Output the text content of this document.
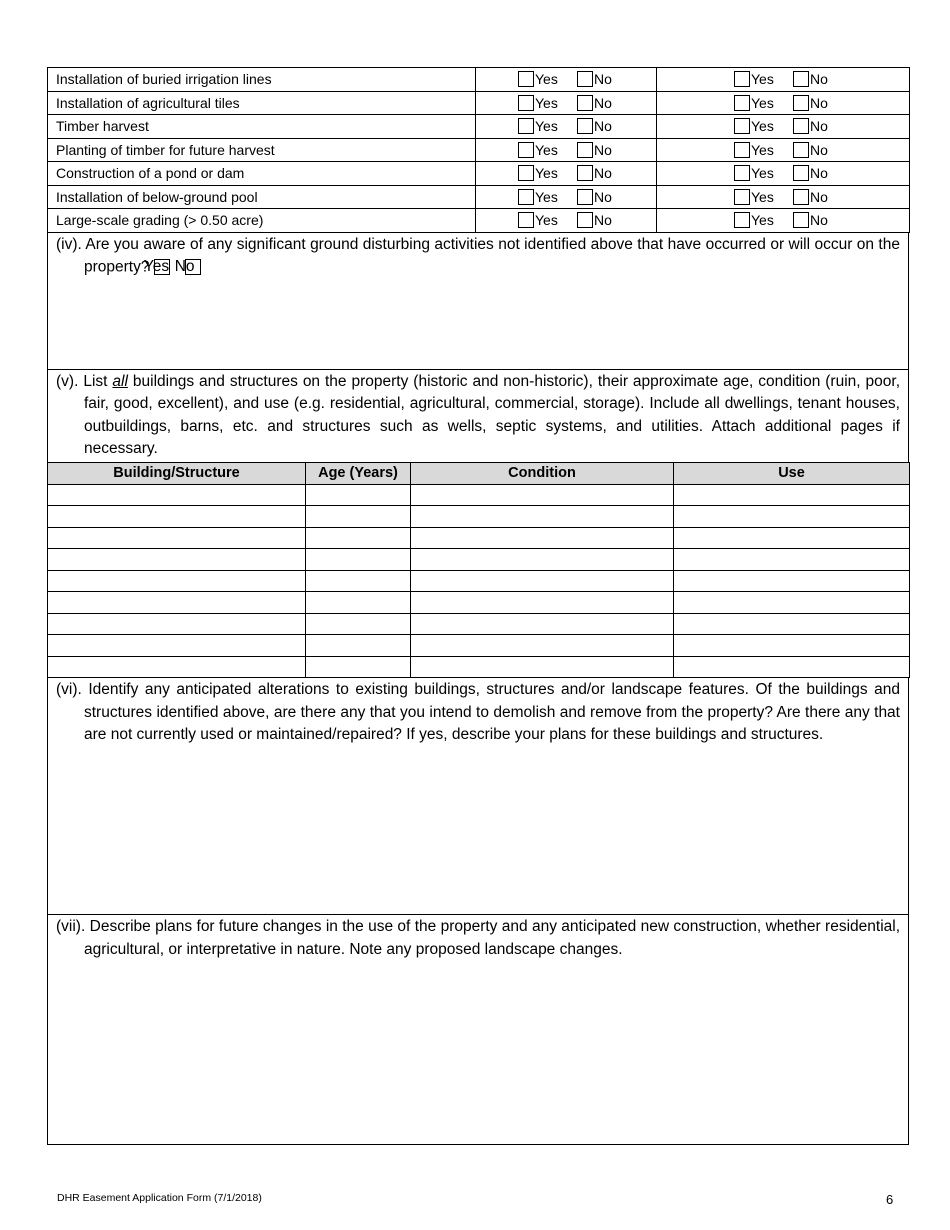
Installation of buried irrigation lines	Yes No	Yes No

Installation of agricultural tiles	Yes No	Yes No

Timber harvest	Yes No	Yes No

Planting of timber for future harvest	Yes No	Yes No

Construction of a pond or dam	Yes No	Yes No

Installation of below-ground pool	Yes No	Yes No

Large-scale grading (> 0.50 acre)	Yes No	Yes No

(iv). Are you aware of any significant ground disturbing activities not identified above that have occurred or will occur on the property?
Yes
No

(v). List all buildings and structures on the property (historic and non-historic), their approximate age, condition (ruin, poor, fair, good, excellent), and use (e.g. residential, agricultural, commercial, storage). Include all dwellings, tenant houses, outbuildings, barns, etc. and structures such as wells, septic systems, and utilities. Attach additional pages if necessary.

Building/Structure	Age (Years)	Condition	Use

(vi). Identify any anticipated alterations to existing buildings, structures and/or landscape features. Of the buildings and structures identified above, are there any that you intend to demolish and remove from the property? Are there any that are not currently used or maintained/repaired? If yes, describe your plans for these buildings and structures.

(vii). Describe plans for future changes in the use of the property and any anticipated new construction, whether residential, agricultural, or interpretative in nature. Note any proposed landscape changes.

DHR Easement Application Form (7/1/2018)	6
